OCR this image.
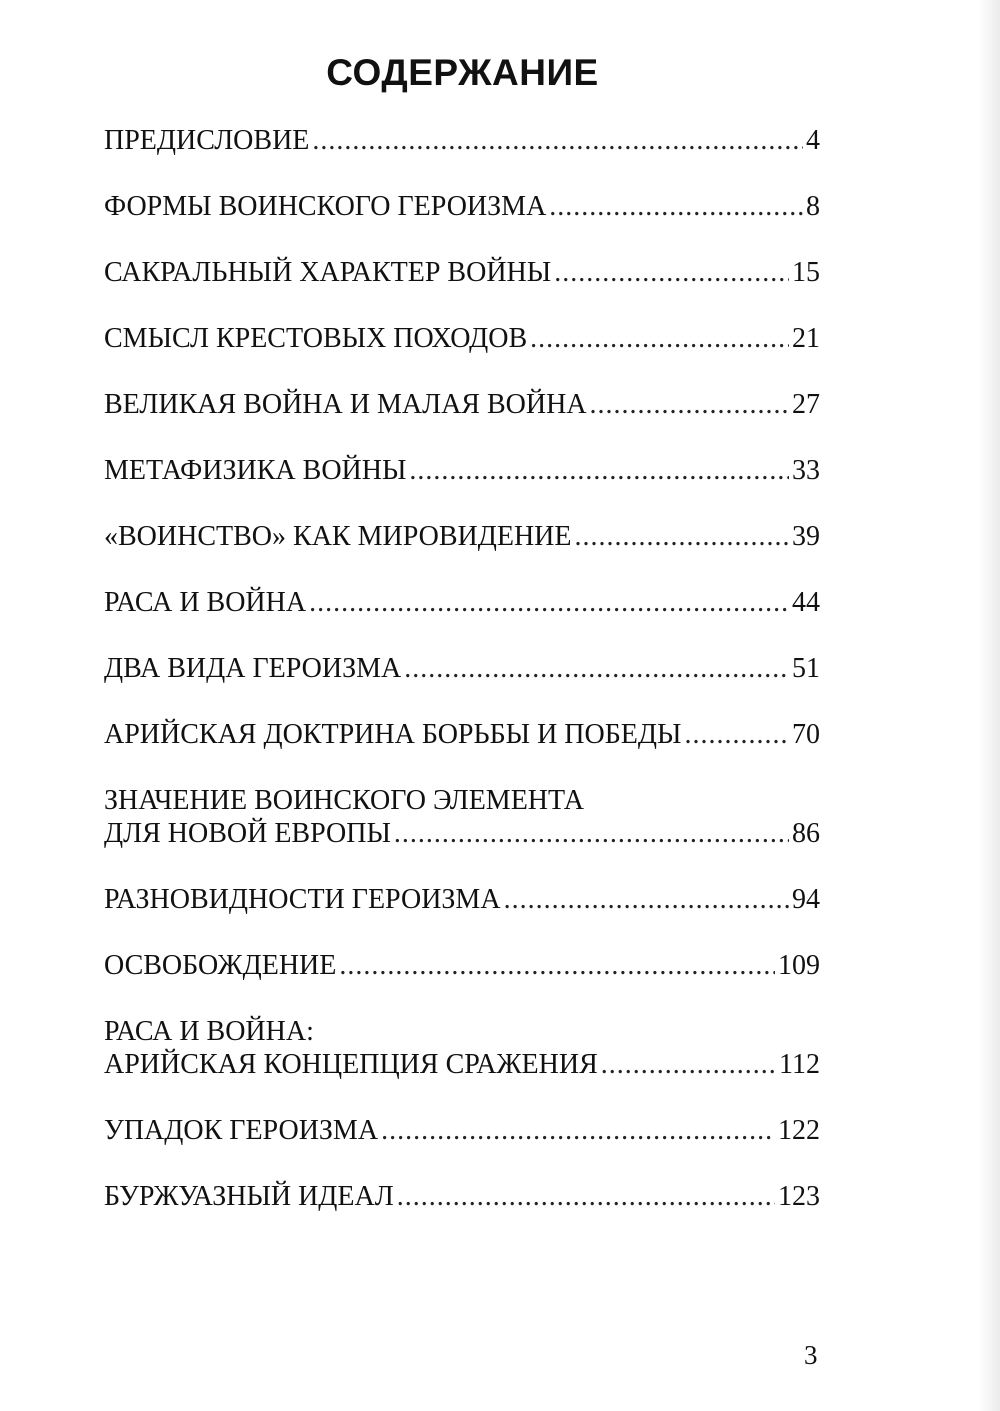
СОДЕРЖАНИЕ
ПРЕДИСЛОВИЕ .....	4
ФОРМЫ ВОИНСКОГО ГЕРОИЗМА .....	8
САКРАЛЬНЫЙ ХАРАКТЕР ВОЙНЫ .....	15
СМЫСЛ КРЕСТОВЫХ ПОХОДОВ .....	21
ВЕЛИКАЯ ВОЙНА И МАЛАЯ ВОЙНА .....	27
МЕТАФИЗИКА ВОЙНЫ .....	33
«ВОИНСТВО» КАК МИРОВИДЕНИЕ .....	39
РАСА И ВОЙНА .....	44
ДВА ВИДА ГЕРОИЗМА .....	51
АРИЙСКАЯ ДОКТРИНА БОРЬБЫ И ПОБЕДЫ .....	70
ЗНАЧЕНИЕ ВОИНСКОГО ЭЛЕМЕНТА
ДЛЯ НОВОЙ ЕВРОПЫ .....	86
РАЗНОВИДНОСТИ ГЕРОИЗМА .....	94
ОСВОБОЖДЕНИЕ .....	109
РАСА И ВОЙНА:
АРИЙСКАЯ КОНЦЕПЦИЯ СРАЖЕНИЯ .....	112
УПАДОК ГЕРОИЗМА .....	122
БУРЖУАЗНЫЙ ИДЕАЛ .....	123
3
